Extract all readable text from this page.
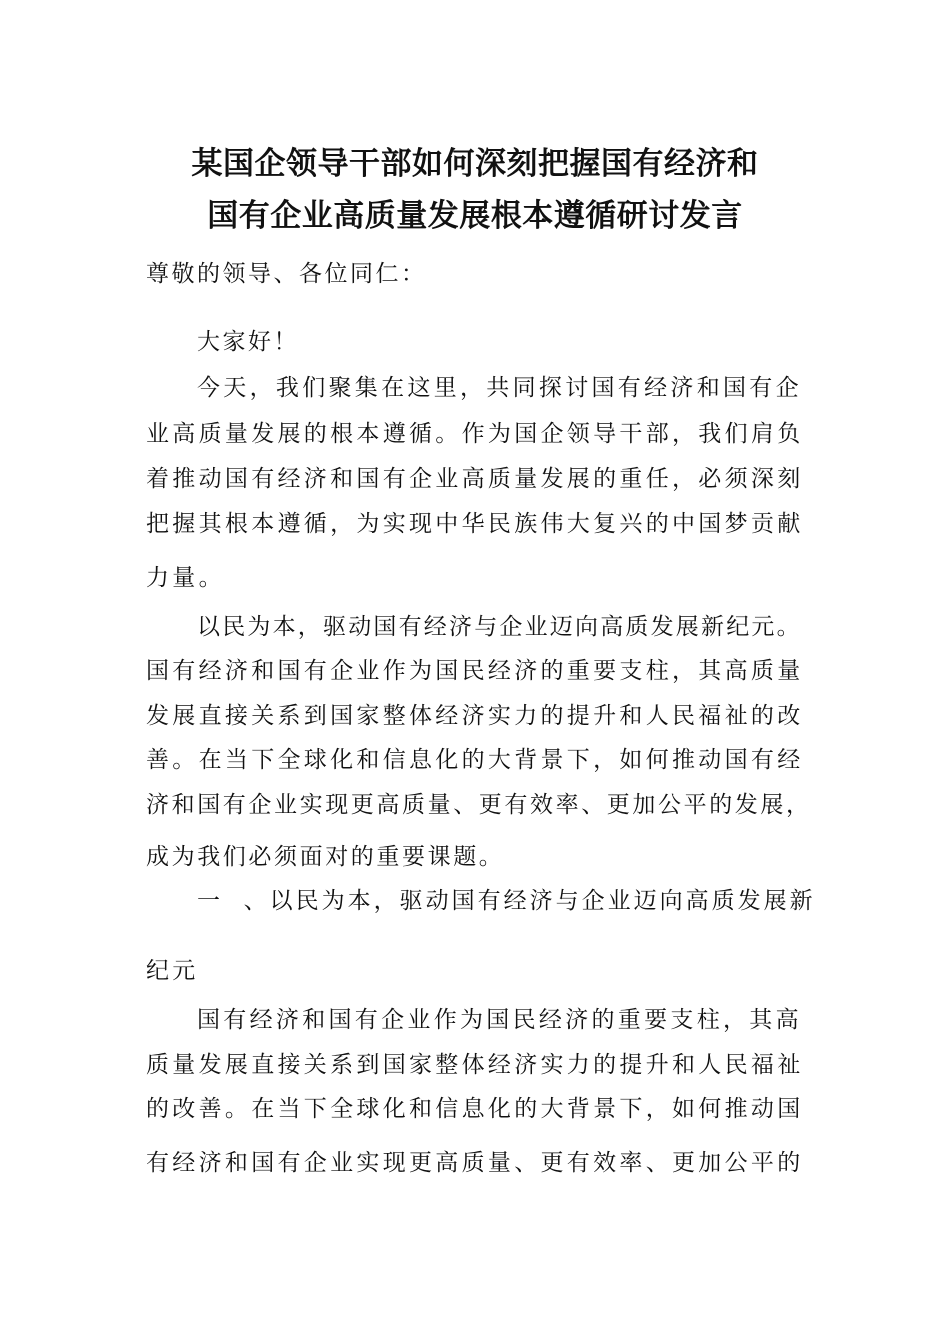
某国企领导干部如何深刻把握国有经济和
国有企业高质量发展根本遵循研讨发言

尊敬的领导、各位同仁：

大家好！

今天，我们聚集在这里，共同探讨国有经济和国有企

业高质量发展的根本遵循。作为国企领导干部，我们肩负

着推动国有经济和国有企业高质量发展的重任，必须深刻

把握其根本遵循，为实现中华民族伟大复兴的中国梦贡献

力量。

以民为本，驱动国有经济与企业迈向高质发展新纪元。

国有经济和国有企业作为国民经济的重要支柱，其高质量

发展直接关系到国家整体经济实力的提升和人民福祉的改

善。在当下全球化和信息化的大背景下，如何推动国有经

济和国有企业实现更高质量、更有效率、更加公平的发展，

成为我们必须面对的重要课题。

一  、以民为本，驱动国有经济与企业迈向高质发展新

纪元

国有经济和国有企业作为国民经济的重要支柱，其高

质量发展直接关系到国家整体经济实力的提升和人民福祉

的改善。在当下全球化和信息化的大背景下，如何推动国

有经济和国有企业实现更高质量、更有效率、更加公平的
